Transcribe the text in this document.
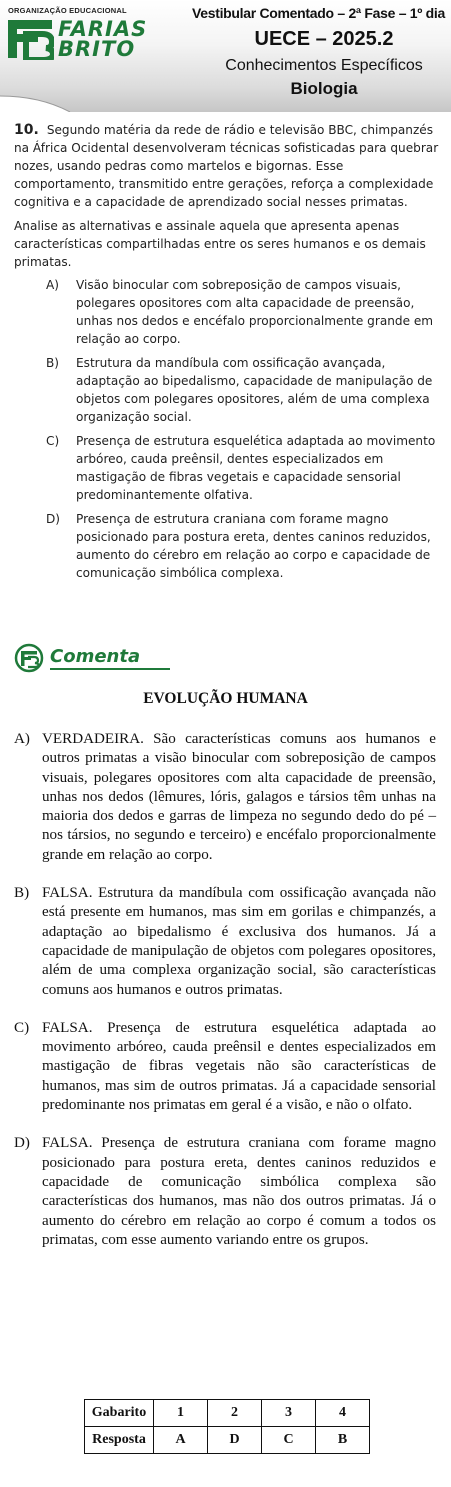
ORGANIZAÇÃO EDUCACIONAL
FARIAS
BRITO
Vestibular Comentado – 2ª Fase – 1º dia
UECE – 2025.2
Conhecimentos Específicos
Biologia

10. Segundo matéria da rede de rádio e televisão BBC, chimpanzés na África Ocidental desenvolveram técnicas sofisticadas para quebrar nozes, usando pedras como martelos e bigornas. Esse comportamento, transmitido entre gerações, reforça a complexidade cognitiva e a capacidade de aprendizado social nesses primatas.

Analise as alternativas e assinale aquela que apresenta apenas características compartilhadas entre os seres humanos e os demais primatas.

A) Visão binocular com sobreposição de campos visuais, polegares opositores com alta capacidade de preensão, unhas nos dedos e encéfalo proporcionalmente grande em relação ao corpo.
B) Estrutura da mandíbula com ossificação avançada, adaptação ao bipedalismo, capacidade de manipulação de objetos com polegares opositores, além de uma complexa organização social.
C) Presença de estrutura esquelética adaptada ao movimento arbóreo, cauda preênsil, dentes especializados em mastigação de fibras vegetais e capacidade sensorial predominantemente olfativa.
D) Presença de estrutura craniana com forame magno posicionado para postura ereta, dentes caninos reduzidos, aumento do cérebro em relação ao corpo e capacidade de comunicação simbólica complexa.
Comenta
EVOLUÇÃO HUMANA
A) VERDADEIRA. São características comuns aos humanos e outros primatas a visão binocular com sobreposição de campos visuais, polegares opositores com alta capacidade de preensão, unhas nos dedos (lêmures, lóris, galagos e társios têm unhas na maioria dos dedos e garras de limpeza no segundo dedo do pé – nos társios, no segundo e terceiro) e encéfalo proporcionalmente grande em relação ao corpo.
B) FALSA. Estrutura da mandíbula com ossificação avançada não está presente em humanos, mas sim em gorilas e chimpanzés, a adaptação ao bipedalismo é exclusiva dos humanos. Já a capacidade de manipulação de objetos com polegares opositores, além de uma complexa organização social, são características comuns aos humanos e outros primatas.
C) FALSA. Presença de estrutura esquelética adaptada ao movimento arbóreo, cauda preênsil e dentes especializados em mastigação de fibras vegetais não são características de humanos, mas sim de outros primatas. Já a capacidade sensorial predominante nos primatas em geral é a visão, e não o olfato.
D) FALSA. Presença de estrutura craniana com forame magno posicionado para postura ereta, dentes caninos reduzidos e capacidade de comunicação simbólica complexa são características dos humanos, mas não dos outros primatas. Já o aumento do cérebro em relação ao corpo é comum a todos os primatas, com esse aumento variando entre os grupos.
Gabarito	1	2	3	4
Resposta	A	D	C	B
